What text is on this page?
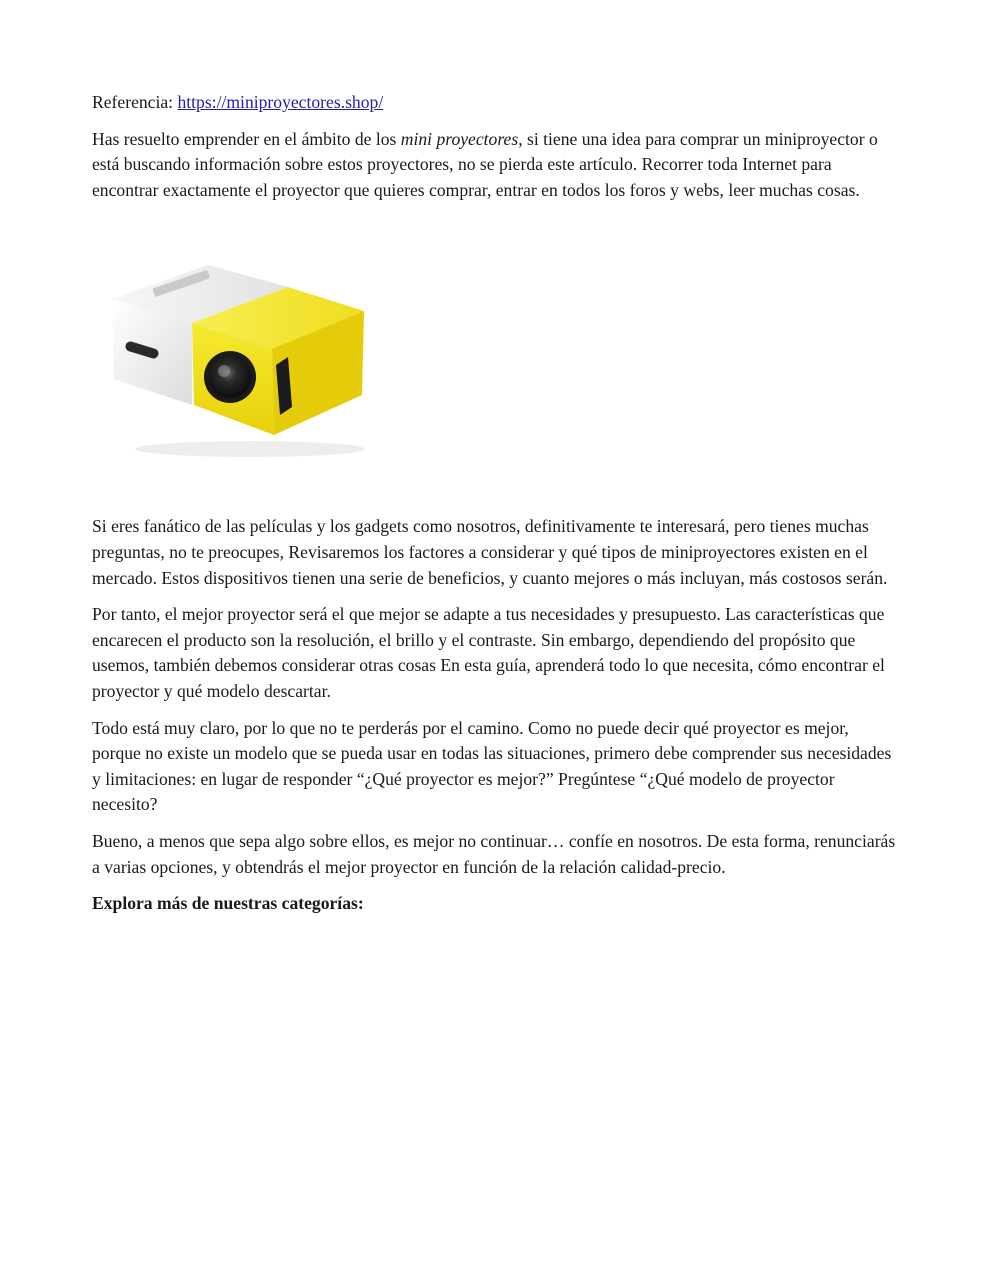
Referencia: https://miniproyectores.shop/

Has resuelto emprender en el ámbito de los mini proyectores, si tiene una idea para comprar un miniproyector o está buscando información sobre estos proyectores, no se pierda este artículo. Recorrer toda Internet para encontrar exactamente el proyector que quieres comprar, entrar en todos los foros y webs, leer muchas cosas.

Si eres fanático de las películas y los gadgets como nosotros, definitivamente te interesará, pero tienes muchas preguntas, no te preocupes, Revisaremos los factores a considerar y qué tipos de miniproyectores existen en el mercado. Estos dispositivos tienen una serie de beneficios, y cuanto mejores o más incluyan, más costosos serán.

Por tanto, el mejor proyector será el que mejor se adapte a tus necesidades y presupuesto. Las características que encarecen el producto son la resolución, el brillo y el contraste. Sin embargo, dependiendo del propósito que usemos, también debemos considerar otras cosas En esta guía, aprenderá todo lo que necesita, cómo encontrar el proyector y qué modelo descartar.

Todo está muy claro, por lo que no te perderás por el camino. Como no puede decir qué proyector es mejor, porque no existe un modelo que se pueda usar en todas las situaciones, primero debe comprender sus necesidades y limitaciones: en lugar de responder “¿Qué proyector es mejor?” Pregúntese “¿Qué modelo de proyector necesito?

Bueno, a menos que sepa algo sobre ellos, es mejor no continuar… confíe en nosotros. De esta forma, renunciarás a varias opciones, y obtendrás el mejor proyector en función de la relación calidad-precio.

Explora más de nuestras categorías:
